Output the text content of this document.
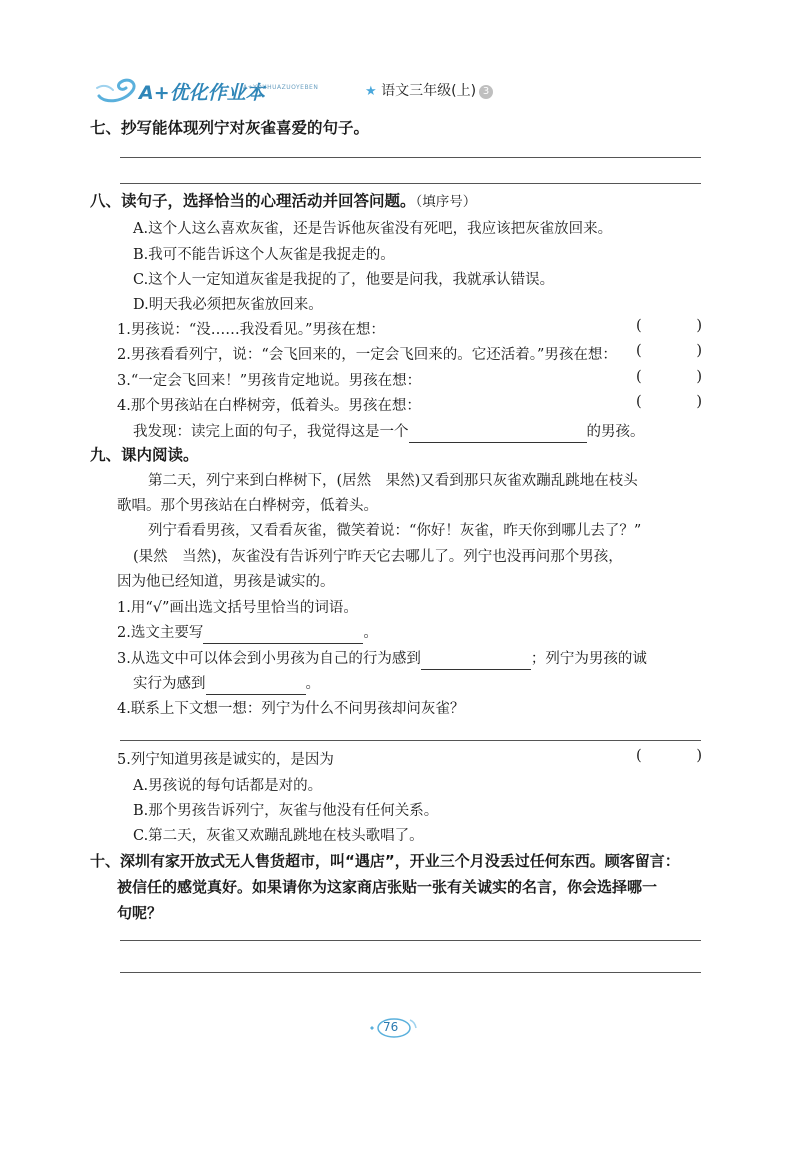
A+优化作业本
A+YOUHUAZUOYEBEN	★ 语文三年级(上) 3
七、抄写能体现列宁对灰雀喜爱的句子。
八、读句子，选择恰当的心理活动并回答问题。（填序号）
A.这个人这么喜欢灰雀，还是告诉他灰雀没有死吧，我应该把灰雀放回来。
B.我可不能告诉这个人灰雀是我捉走的。
C.这个人一定知道灰雀是我捉的了，他要是问我，我就承认错误。
D.明天我必须把灰雀放回来。
1.男孩说：“没……我没看见。”男孩在想：	(	)
2.男孩看看列宁，说：“会飞回来的，一定会飞回来的。它还活着。”男孩在想： (	)
3.“一定会飞回来！”男孩肯定地说。男孩在想：	(	)
4.那个男孩站在白桦树旁，低着头。男孩在想：	(	)
我发现：读完上面的句子，我觉得这是一个	的男孩。
九、课内阅读。
第二天，列宁来到白桦树下，(居然　果然)又看到那只灰雀欢蹦乱跳地在枝头
歌唱。那个男孩站在白桦树旁，低着头。
列宁看看男孩，又看看灰雀，微笑着说：“你好！灰雀，昨天你到哪儿去了？”
(果然　当然)，灰雀没有告诉列宁昨天它去哪儿了。列宁也没再问那个男孩，
因为他已经知道，男孩是诚实的。
1.用“√”画出选文括号里恰当的词语。
2.选文主要写	。
3.从选文中可以体会到小男孩为自己的行为感到	；列宁为男孩的诚
实行为感到	。
4.联系上下文想一想：列宁为什么不问男孩却问灰雀？
5.列宁知道男孩是诚实的，是因为	(	)
A.男孩说的每句话都是对的。
B.那个男孩告诉列宁，灰雀与他没有任何关系。
C.第二天，灰雀又欢蹦乱跳地在枝头歌唱了。
十、深圳有家开放式无人售货超市，叫“遇店”，开业三个月没丢过任何东西。顾客留言：
被信任的感觉真好。如果请你为这家商店张贴一张有关诚实的名言，你会选择哪一
句呢？
76
